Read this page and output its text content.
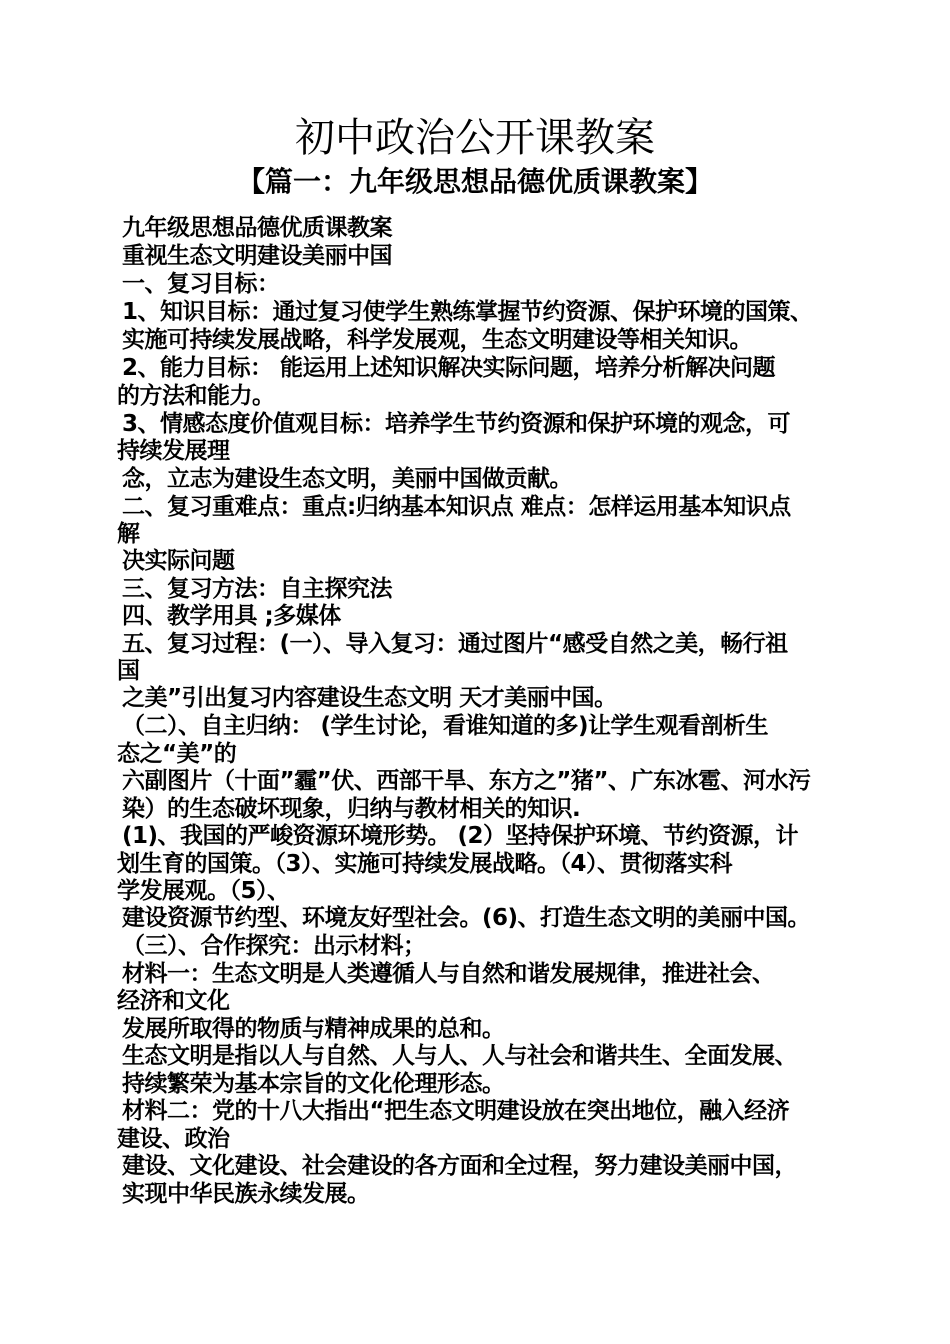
初中政治公开课教案
【篇一：九年级思想品德优质课教案】
九年级思想品德优质课教案
重视生态文明建设美丽中国
一、复习目标：
1、知识目标：通过复习使学生熟练掌握节约资源、保护环境的国策、
实施可持续发展战略，科学发展观，生态文明建设等相关知识。
2、能力目标： 能运用上述知识解决实际问题，培养分析解决问题
的方法和能力。
3、情感态度价值观目标：培养学生节约资源和保护环境的观念，可
持续发展理
念，立志为建设生态文明，美丽中国做贡献。
二、复习重难点：重点:归纳基本知识点 难点：怎样运用基本知识点
解
决实际问题
三、复习方法：自主探究法
四、教学用具 ;多媒体
五、复习过程：(一）、导入复习：通过图片“感受自然之美，畅行祖
国
之美”引出复习内容建设生态文明 天才美丽中国。
（二）、自主归纳： (学生讨论，看谁知道的多)让学生观看剖析生
态之“美”的
六副图片（十面”霾”伏、西部干旱、东方之”猪”、广东冰雹、河水污
染）的生态破坏现象，归纳与教材相关的知识.
(1)、我国的严峻资源环境形势。 (2）坚持保护环境、节约资源，计
划生育的国策。（3）、实施可持续发展战略。（4）、贯彻落实科
学发展观。（5）、
建设资源节约型、环境友好型社会。(6)、打造生态文明的美丽中国。
（三）、合作探究：出示材料；
材料一：生态文明是人类遵循人与自然和谐发展规律，推进社会、
经济和文化
发展所取得的物质与精神成果的总和。
生态文明是指以人与自然、人与人、人与社会和谐共生、全面发展、
持续繁荣为基本宗旨的文化伦理形态。
材料二：党的十八大指出“把生态文明建设放在突出地位，融入经济
建设、政治
建设、文化建设、社会建设的各方面和全过程，努力建设美丽中国，
实现中华民族永续发展。
